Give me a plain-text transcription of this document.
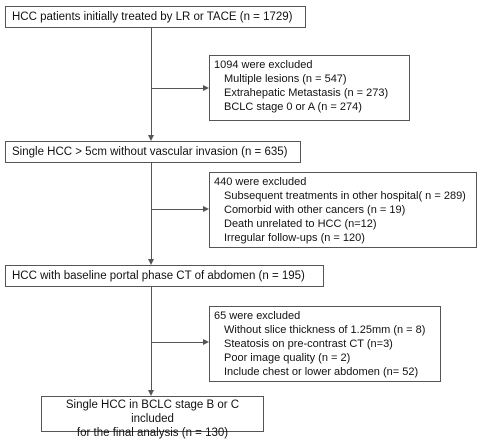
HCC patients initially treated by LR or TACE (n = 1729)
Single HCC > 5cm without vascular invasion (n = 635)
HCC with baseline portal phase CT of abdomen (n = 195)
Single HCC in BCLC stage B or C included
for the final analysis (n = 130)
1094 were excluded
Multiple lesions (n = 547)
Extrahepatic Metastasis (n = 273)
BCLC stage 0 or A (n = 274)
440 were excluded
Subsequent treatments in other hospital( n = 289)
Comorbid with other cancers (n = 19)
Death unrelated to HCC (n=12)
Irregular follow-ups (n = 120)
65 were excluded
Without slice thickness of 1.25mm (n = 8)
Steatosis on pre-contrast CT (n=3)
Poor image quality (n = 2)
Include chest or lower abdomen (n= 52)
